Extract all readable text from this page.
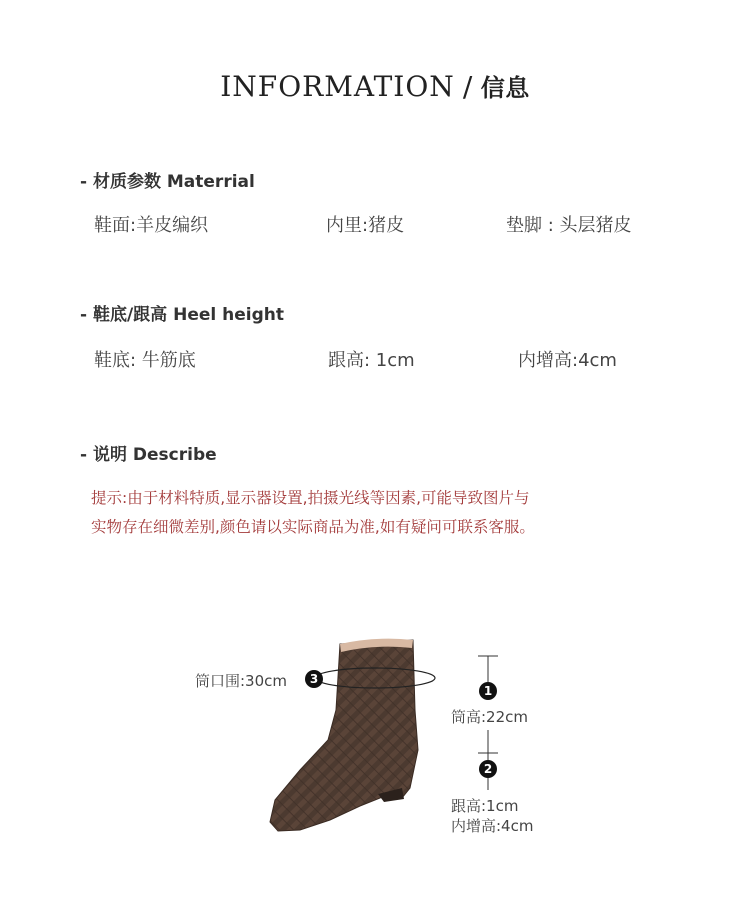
INFORMATION / 信息
- 材质参数 Materrial
鞋面:羊皮编织	内里:猪皮	垫脚 : 头层猪皮
- 鞋底/跟高 Heel height
鞋底: 牛筋底	跟高: 1cm	内增高:4cm
- 说明 Describe
提示:由于材料特质,显示器设置,拍摄光线等因素,可能导致图片与
实物存在细微差别,颜色请以实际商品为准,如有疑问可联系客服。
筒口围:30cm	3
1
筒高:22cm
2
跟高:1cm
内增高:4cm
